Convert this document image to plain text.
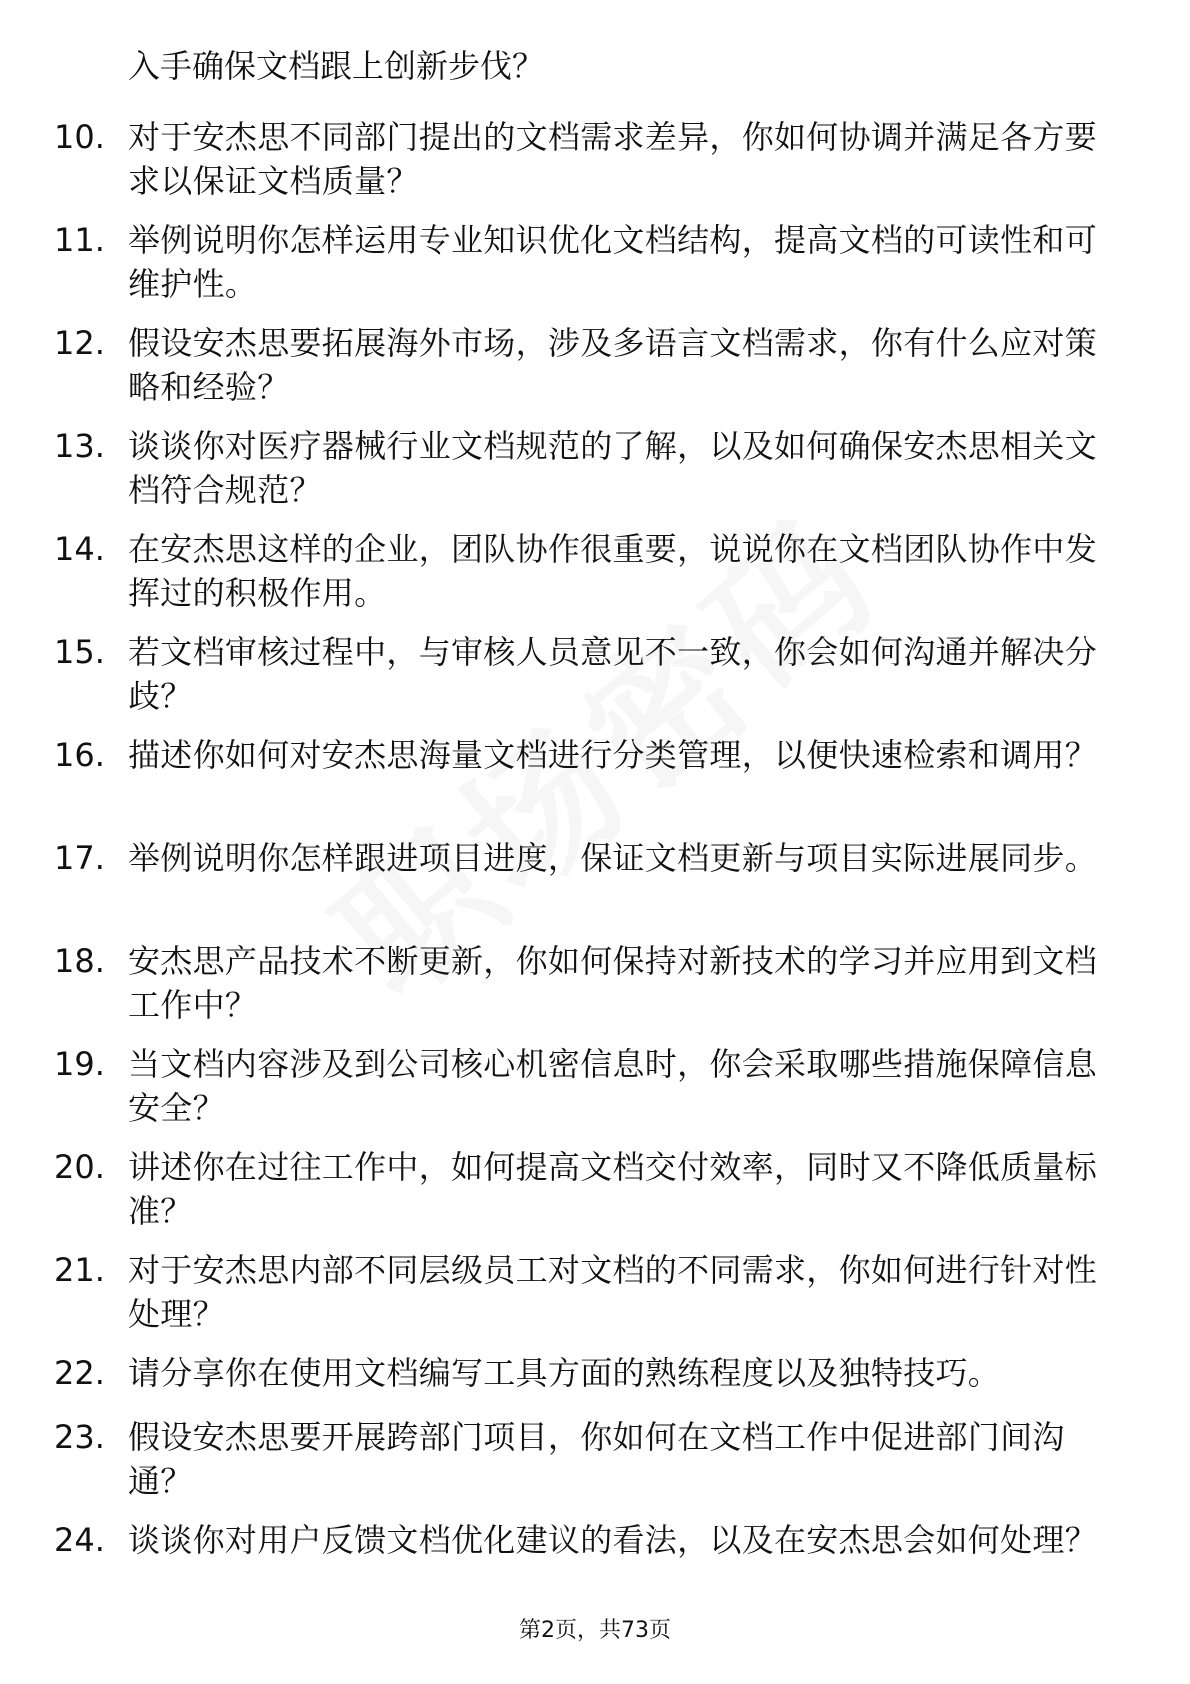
入手确保文档跟上创新步伐？
10. 对于安杰思不同部门提出的文档需求差异，你如何协调并满足各方要求以保证文档质量？
11. 举例说明你怎样运用专业知识优化文档结构，提高文档的可读性和可维护性。
12. 假设安杰思要拓展海外市场，涉及多语言文档需求，你有什么应对策略和经验？
13. 谈谈你对医疗器械行业文档规范的了解，以及如何确保安杰思相关文档符合规范？
14. 在安杰思这样的企业，团队协作很重要，说说你在文档团队协作中发挥过的积极作用。
15. 若文档审核过程中，与审核人员意见不一致，你会如何沟通并解决分歧？
16. 描述你如何对安杰思海量文档进行分类管理，以便快速检索和调用？
17. 举例说明你怎样跟进项目进度，保证文档更新与项目实际进展同步。
18. 安杰思产品技术不断更新，你如何保持对新技术的学习并应用到文档工作中？
19. 当文档内容涉及到公司核心机密信息时，你会采取哪些措施保障信息安全？
20. 讲述你在过往工作中，如何提高文档交付效率，同时又不降低质量标准？
21. 对于安杰思内部不同层级员工对文档的不同需求，你如何进行针对性处理？
22. 请分享你在使用文档编写工具方面的熟练程度以及独特技巧。
23. 假设安杰思要开展跨部门项目，你如何在文档工作中促进部门间沟通？
24. 谈谈你对用户反馈文档优化建议的看法，以及在安杰思会如何处理？
第2页，共73页
